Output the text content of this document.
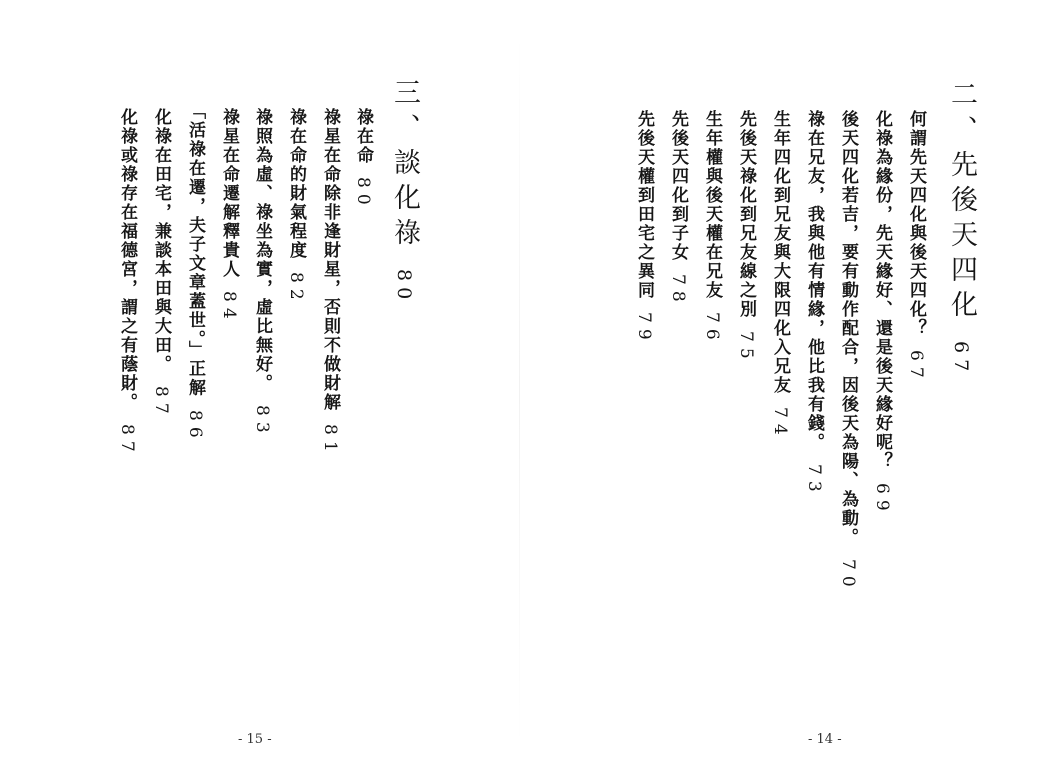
三、談化祿80
祿在命80
祿星在命除非逢財星，否則不做財解81
祿在命的財氣程度82
祿照為虛、祿坐為實，虛比無好。83
祿星在命遷解釋貴人84
「活祿在遷，夫子文章蓋世。」正解86
化祿在田宅，兼談本田與大田。87
化祿或祿存在福德宮，謂之有蔭財。87
- 15 -
二、先後天四化67
何謂先天四化與後天四化？67
化祿為緣份，先天緣好、還是後天緣好呢？69
後天四化若吉，要有動作配合，因後天為陽、為動。70
祿在兄友，我與他有情緣，他比我有錢。73
生年四化到兄友與大限四化入兄友74
先後天祿化到兄友線之別75
生年權與後天權在兄友76
先後天四化到子女78
先後天權到田宅之異同79
- 14 -
